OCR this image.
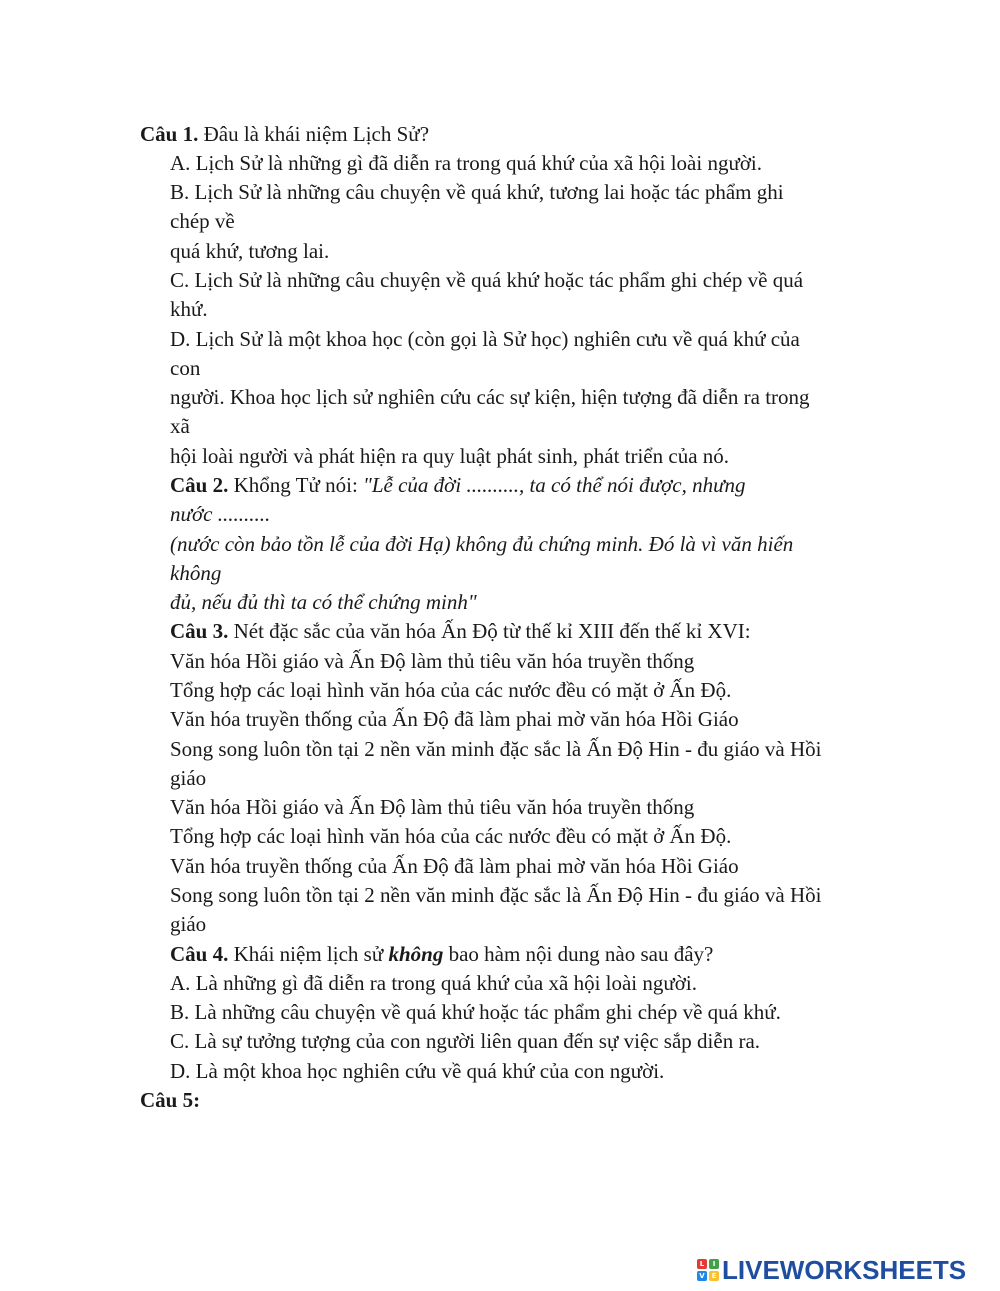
Câu 1. Đâu là khái niệm Lịch Sử?
A. Lịch Sử là những gì đã diễn ra trong quá khứ của xã hội loài người.
B. Lịch Sử là những câu chuyện về quá khứ, tương lai hoặc tác phẩm ghi
chép về
quá khứ, tương lai.
C. Lịch Sử là những câu chuyện về quá khứ hoặc tác phẩm ghi chép về quá
khứ.
D. Lịch Sử là một khoa học (còn gọi là Sử học) nghiên cưu về quá khứ của
con
người. Khoa học lịch sử nghiên cứu các sự kiện, hiện tượng đã diễn ra trong
xã
hội loài người và phát hiện ra quy luật phát sinh, phát triển của nó.
Câu 2. Khổng Tử nói: "Lễ của đời .........., ta có thể nói được, nhưng
nước ..........
(nước còn bảo tồn lễ của đời Hạ) không đủ chứng minh. Đó là vì văn hiến
không
đủ, nếu đủ thì ta có thể chứng minh"
Câu 3. Nét đặc sắc của văn hóa Ấn Độ từ thế kỉ XIII đến thế kỉ XVI:
Văn hóa Hồi giáo và Ấn Độ làm thủ tiêu văn hóa truyền thống
Tổng hợp các loại hình văn hóa của các nước đều có mặt ở Ấn Độ.
Văn hóa truyền thống của Ấn Độ đã làm phai mờ văn hóa Hồi Giáo
Song song luôn tồn tại 2 nền văn minh đặc sắc là Ấn Độ Hin - đu giáo và Hồi
giáo
Văn hóa Hồi giáo và Ấn Độ làm thủ tiêu văn hóa truyền thống
Tổng hợp các loại hình văn hóa của các nước đều có mặt ở Ấn Độ.
Văn hóa truyền thống của Ấn Độ đã làm phai mờ văn hóa Hồi Giáo
Song song luôn tồn tại 2 nền văn minh đặc sắc là Ấn Độ Hin - đu giáo và Hồi
giáo
Câu 4. Khái niệm lịch sử không bao hàm nội dung nào sau đây?
A. Là những gì đã diễn ra trong quá khứ của xã hội loài người.
B. Là những câu chuyện về quá khứ hoặc tác phẩm ghi chép về quá khứ.
C. Là sự tưởng tượng của con người liên quan đến sự việc sắp diễn ra.
D. Là một khoa học nghiên cứu về quá khứ của con người.
Câu 5:
L	I
V E LIVEWORKSHEETS
